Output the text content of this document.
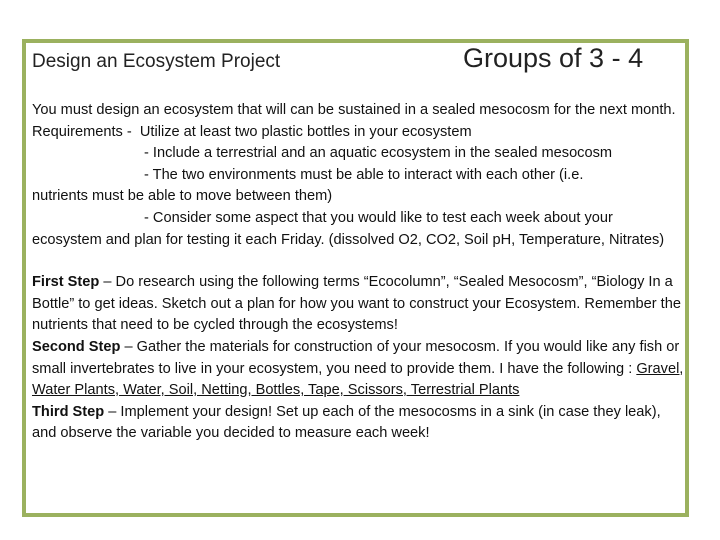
Design an Ecosystem Project	Groups of 3 - 4

You must design an ecosystem that will can be sustained in a sealed mesocosm for the next month.

Requirements - Utilize at least two plastic bottles in your ecosystem

- Include a terrestrial and an aquatic ecosystem in the sealed mesocosm

- The two environments must be able to interact with each other (i.e.

nutrients must be able to move between them)

- Consider some aspect that you would like to test each week about your

ecosystem and plan for testing it each Friday. (dissolved O2, CO2, Soil pH, Temperature, Nitrates)

First Step – Do research using the following terms “Ecocolumn”, “Sealed Mesocosm”, “Biology In a Bottle” to get ideas. Sketch out a plan for how you want to construct your Ecosystem. Remember the nutrients that need to be cycled through the ecosystems!

Second Step – Gather the materials for construction of your mesocosm. If you would like any fish or small invertebrates to live in your ecosystem, you need to provide them. I have the following : Gravel, Water Plants, Water, Soil, Netting, Bottles, Tape, Scissors, Terrestrial Plants

Third Step – Implement your design! Set up each of the mesocosms in a sink (in case they leak), and observe the variable you decided to measure each week!
